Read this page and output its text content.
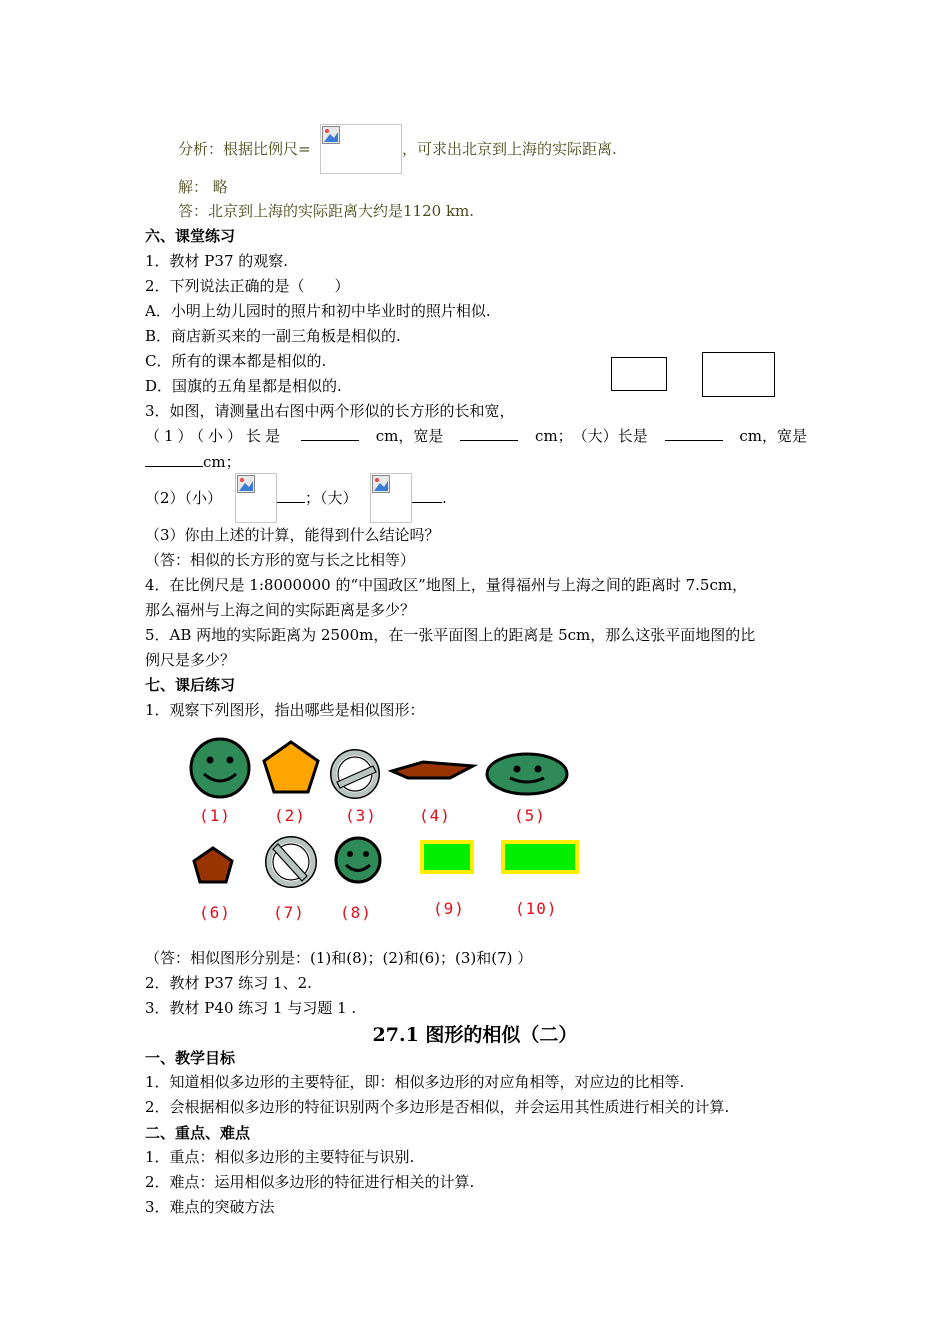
分析：根据比例尺=	，可求出北京到上海的实际距离.
解： 略
答：北京到上海的实际距离大约是1120 km.
六、课堂练习
1．教材 P37 的观察.
2．下列说法正确的是（　　）
A．小明上幼儿园时的照片和初中毕业时的照片相似.
B．商店新买来的一副三角板是相似的.
C．所有的课本都是相似的.
D．国旗的五角星都是相似的.
3．如图，请测量出右图中两个形似的长方形的长和宽，
（1）（小）长是	cm，宽是	cm；　（大）长是	cm，宽是
cm；
（2）（小）	；（大）	.
（3）你由上述的计算，能得到什么结论吗？
（答：相似的长方形的宽与长之比相等）
4．在比例尺是 1:8000000 的“中国政区”地图上，量得福州与上海之间的距离时 7.5cm，
那么福州与上海之间的实际距离是多少？
5．AB 两地的实际距离为 2500m，在一张平面图上的距离是 5cm，那么这张平面地图的比
例尺是多少？
七、课后练习
1．观察下列图形，指出哪些是相似图形：
(1)	(2) (3)	(4)	(5)
(6)	(7) (8)	(9)	(10)
（答：相似图形分别是：(1)和(8)；(2)和(6)；(3)和(7) ）
2．教材 P37 练习 1、2.
3．教材 P40 练习 1 与习题 1 .
27.1 图形的相似（二）
一、教学目标
1．知道相似多边形的主要特征，即：相似多边形的对应角相等，对应边的比相等.
2．会根据相似多边形的特征识别两个多边形是否相似，并会运用其性质进行相关的计算.
二、重点、难点
1．重点：相似多边形的主要特征与识别.
2．难点：运用相似多边形的特征进行相关的计算.
3．难点的突破方法
